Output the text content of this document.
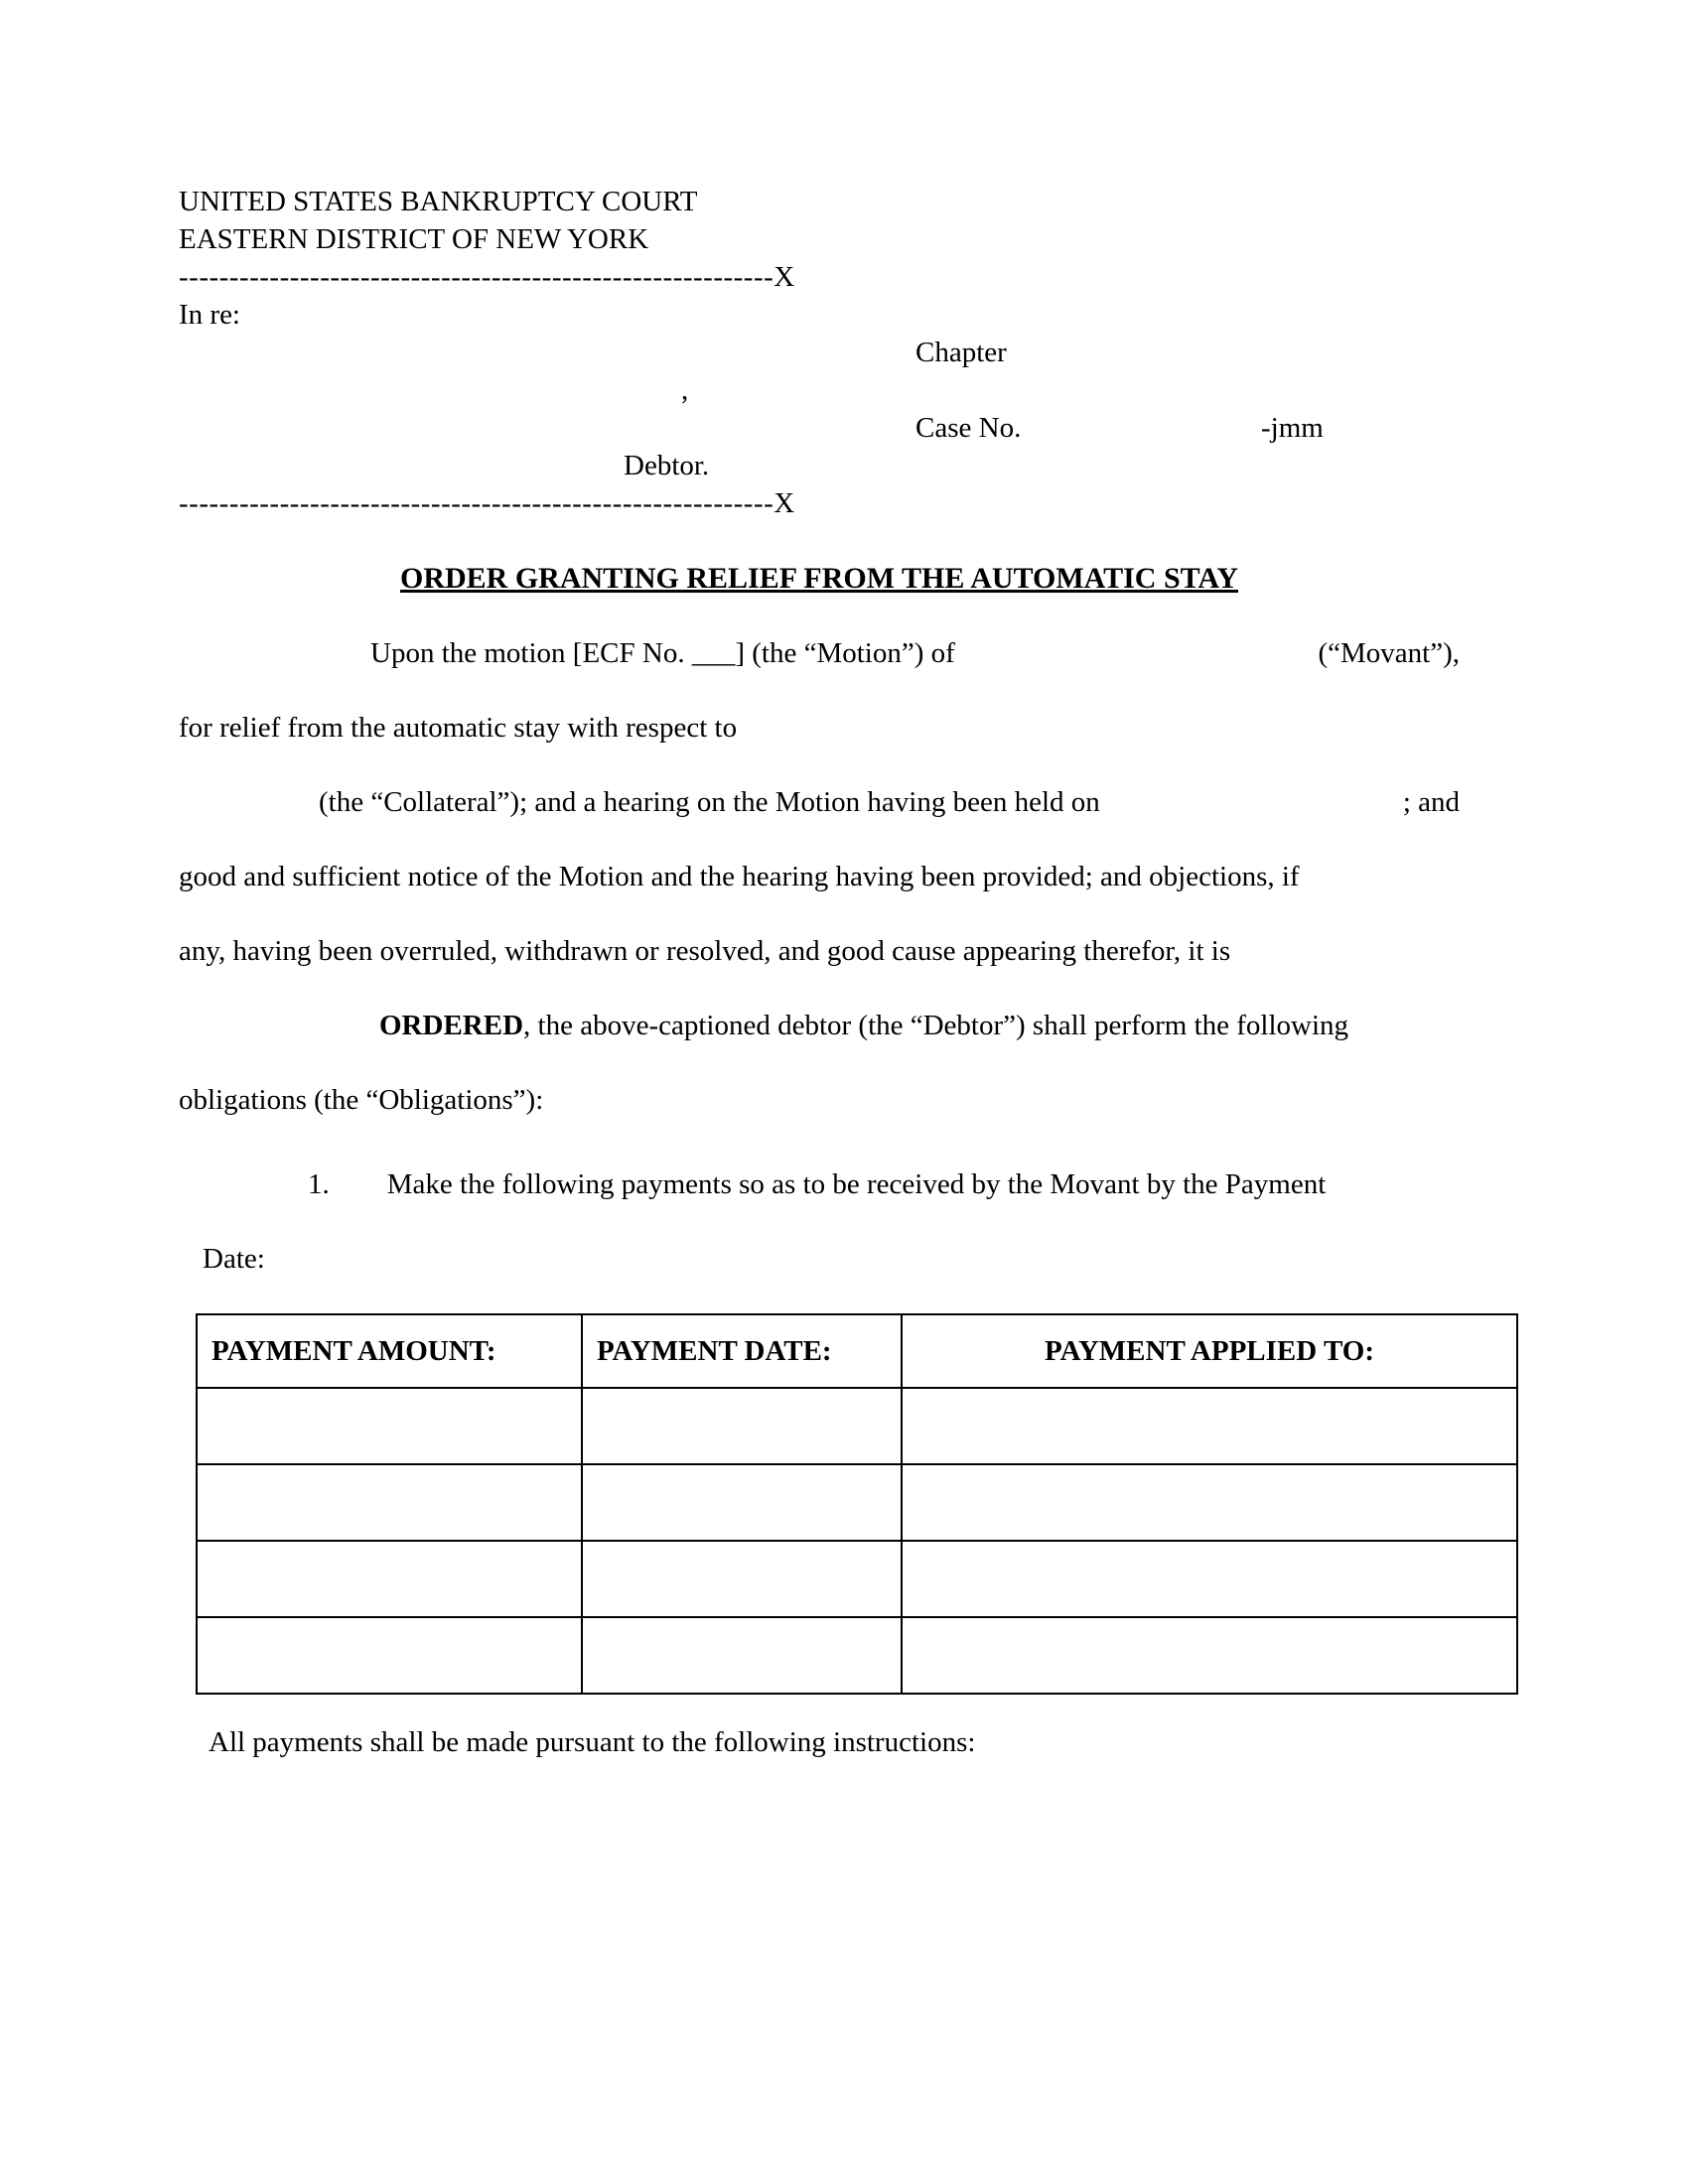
UNITED STATES BANKRUPTCY COURT
EASTERN DISTRICT OF NEW YORK
-----------------------------------------------------------X
In re:
Chapter
,
Case No.	-jmm
Debtor.
-----------------------------------------------------------X
ORDER GRANTING RELIEF FROM THE AUTOMATIC STAY
Upon the motion [ECF No. ___] (the “Motion”) of	(“Movant”),
for relief from the automatic stay with respect to
(the “Collateral”); and a hearing on the Motion having been held on	; and
good and sufficient notice of the Motion and the hearing having been provided; and objections, if
any, having been overruled, withdrawn or resolved, and good cause appearing therefor, it is
ORDERED, the above-captioned debtor (the “Debtor”) shall perform the following
obligations (the “Obligations”):
1. Make the following payments so as to be received by the Movant by the Payment
Date:
PAYMENT AMOUNT:	PAYMENT DATE:	PAYMENT APPLIED TO:

All payments shall be made pursuant to the following instructions:
